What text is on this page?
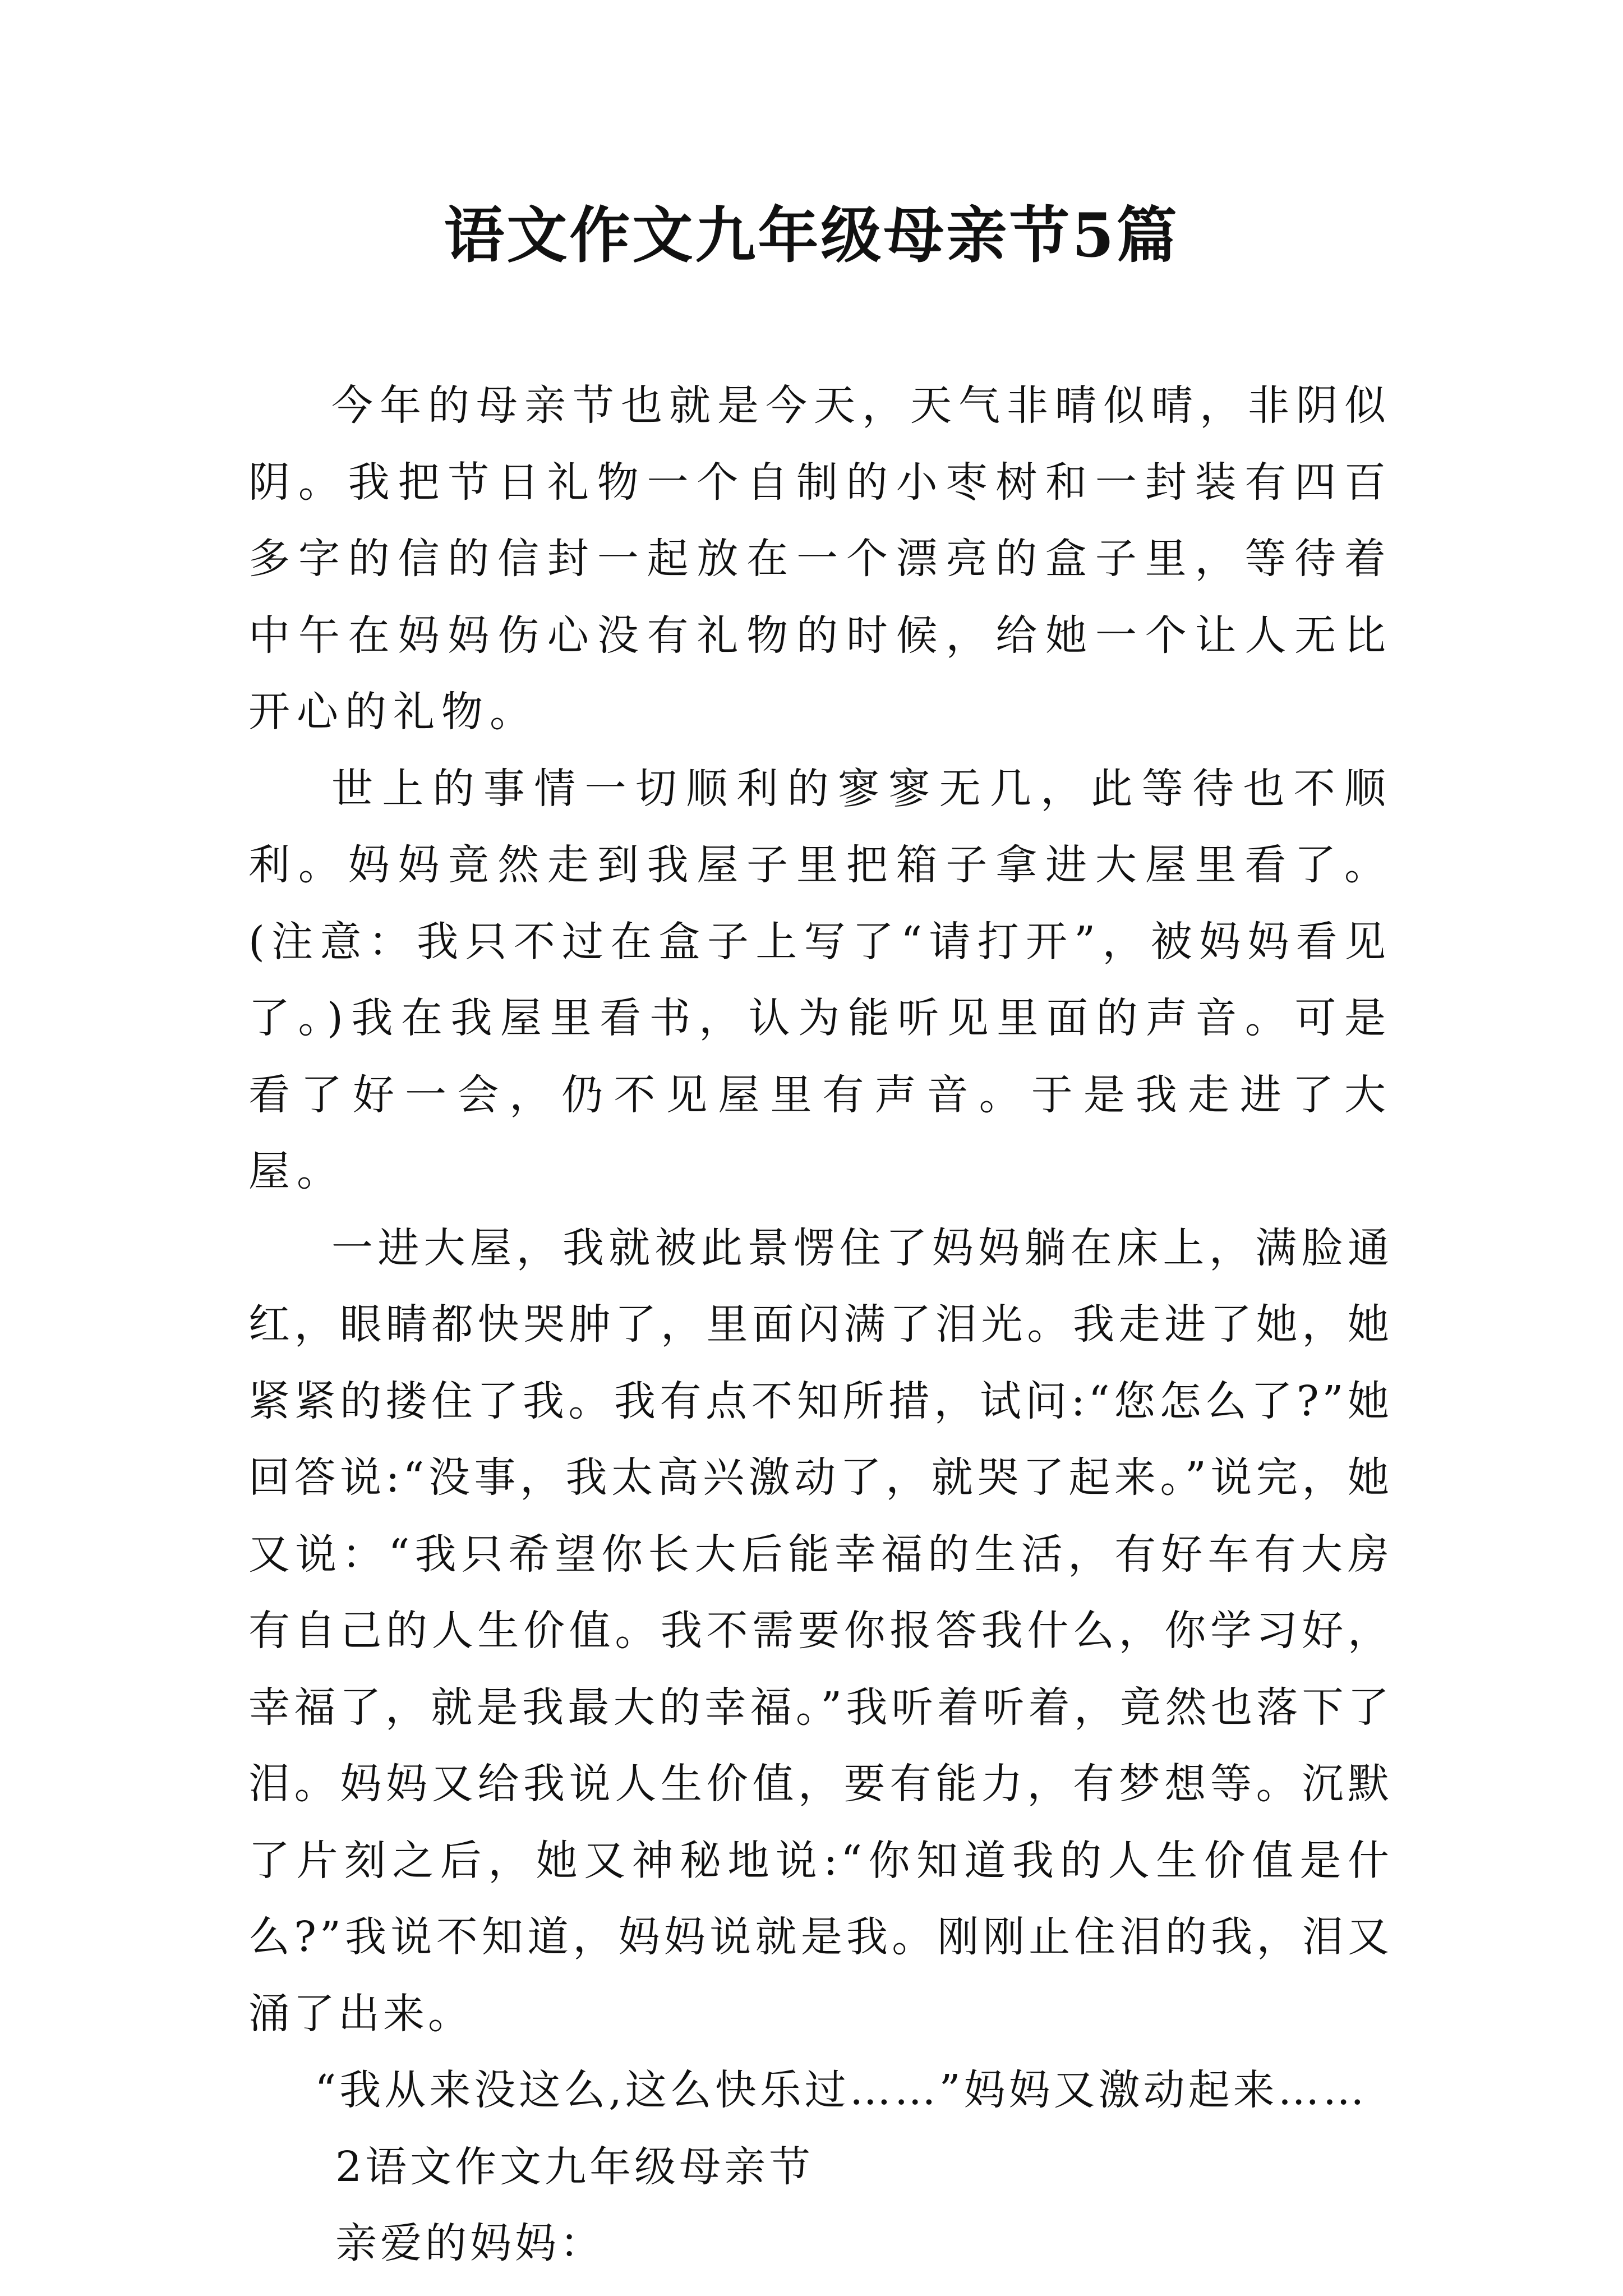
语文作文九年级母亲节5篇

今年的母亲节也就是今天，天气非晴似晴，非阴似阴。我把节日礼物一个自制的小枣树和一封装有四百多字的信的信封一起放在一个漂亮的盒子里，等待着中午在妈妈伤心没有礼物的时候，给她一个让人无比开心的礼物。

世上的事情一切顺利的寥寥无几，此等待也不顺利。妈妈竟然走到我屋子里把箱子拿进大屋里看了。(注意：我只不过在盒子上写了“请打开”，被妈妈看见了。)我在我屋里看书，认为能听见里面的声音。可是看了好一会，仍不见屋里有声音。于是我走进了大屋。

一进大屋，我就被此景愣住了妈妈躺在床上，满脸通红，眼睛都快哭肿了，里面闪满了泪光。我走进了她，她紧紧的搂住了我。我有点不知所措，试问:“您怎么了?”她回答说:“没事，我太高兴激动了，就哭了起来。”说完，她又说：“我只希望你长大后能幸福的生活，有好车有大房有自己的人生价值。我不需要你报答我什么，你学习好，幸福了，就是我最大的幸福。”我听着听着，竟然也落下了泪。妈妈又给我说人生价值，要有能力，有梦想等。沉默了片刻之后，她又神秘地说:“你知道我的人生价值是什么?”我说不知道，妈妈说就是我。刚刚止住泪的我，泪又涌了出来。

“我从来没这么,这么快乐过……”妈妈又激动起来……

2语文作文九年级母亲节

亲爱的妈妈：
